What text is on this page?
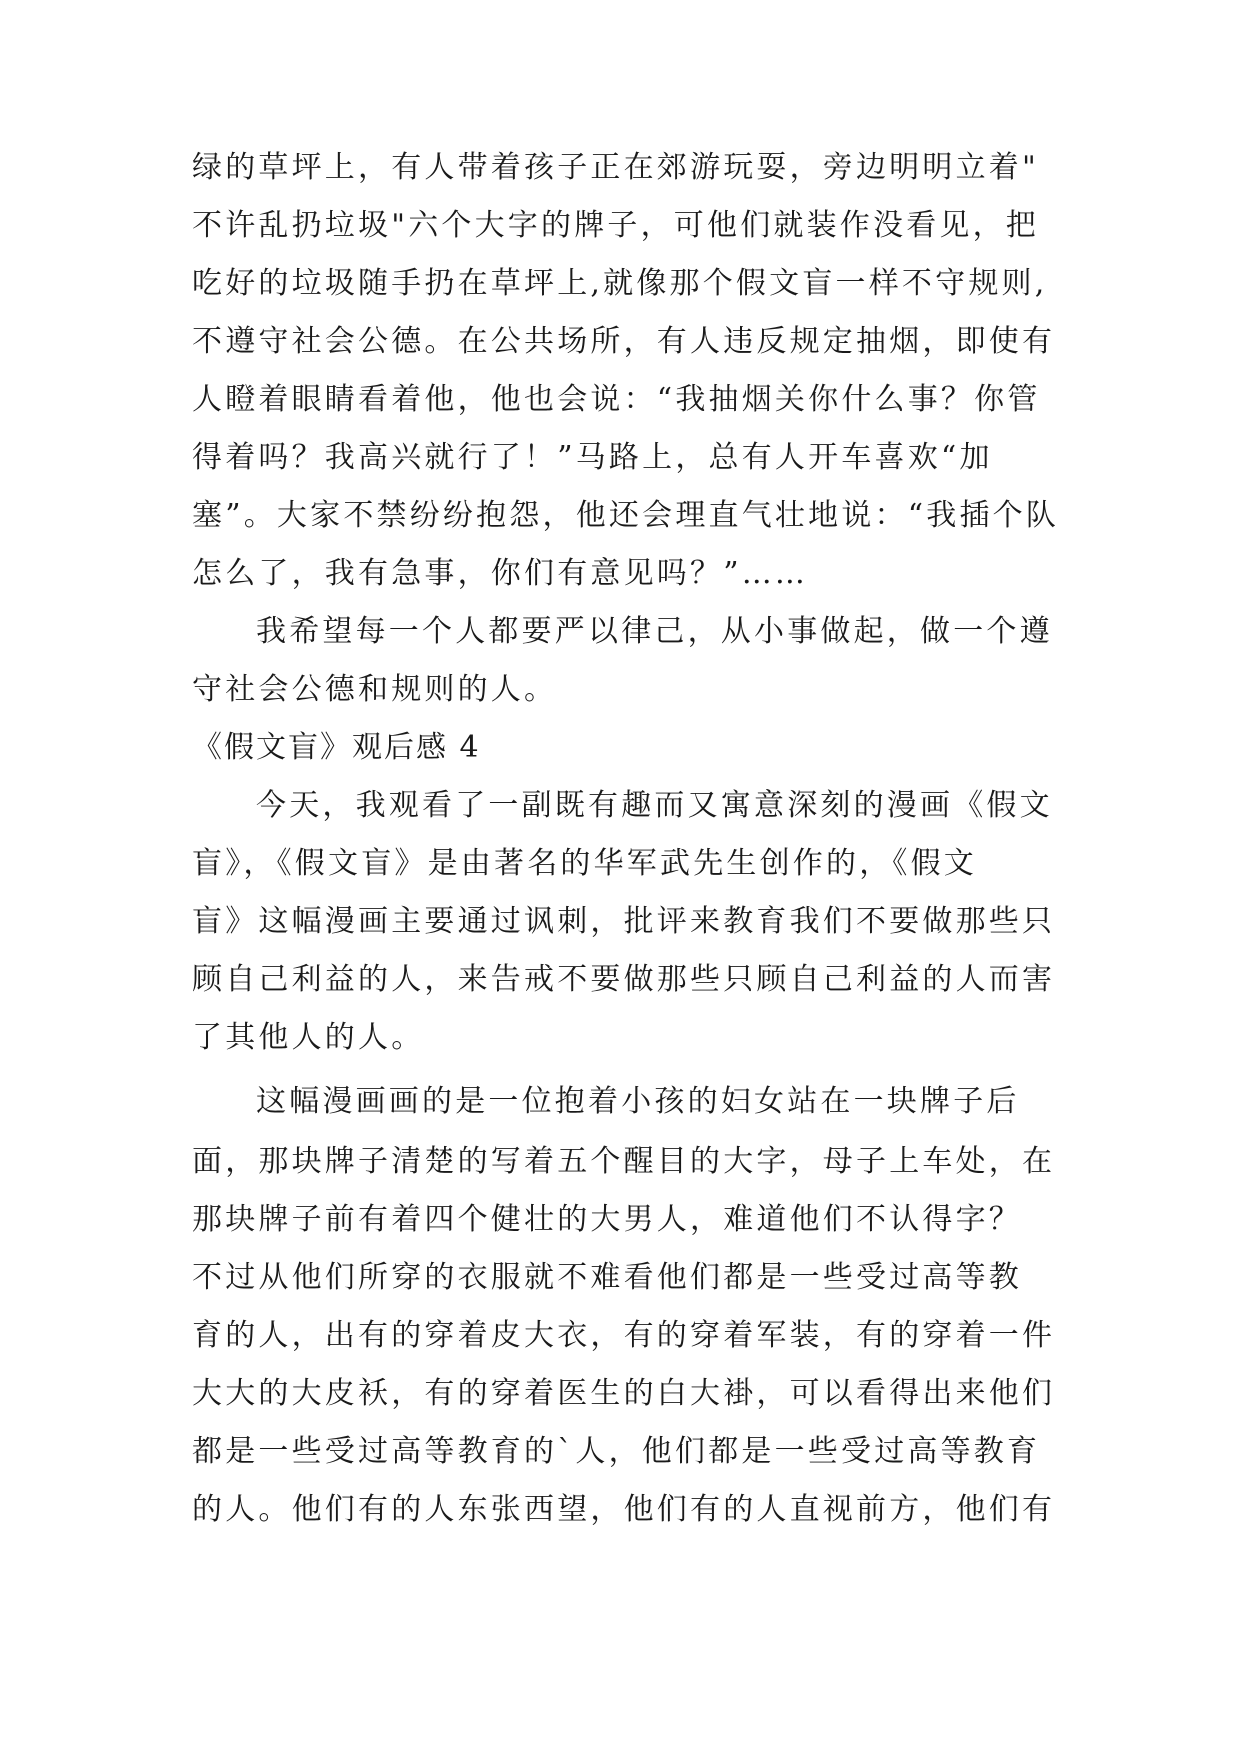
绿的草坪上，有人带着孩子正在郊游玩耍，旁边明明立着"
不许乱扔垃圾"六个大字的牌子，可他们就装作没看见，把
吃好的垃圾随手扔在草坪上,就像那个假文盲一样不守规则,
不遵守社会公德。在公共场所，有人违反规定抽烟，即使有
人瞪着眼睛看着他，他也会说：“我抽烟关你什么事？你管
得着吗？我高兴就行了！”马路上，总有人开车喜欢“加
塞”。大家不禁纷纷抱怨，他还会理直气壮地说：“我插个队
怎么了，我有急事，你们有意见吗？”……
我希望每一个人都要严以律己，从小事做起，做一个遵
守社会公德和规则的人。
《假文盲》观后感 4
今天，我观看了一副既有趣而又寓意深刻的漫画《假文
盲》，《假文盲》是由著名的华军武先生创作的，《假文
盲》这幅漫画主要通过讽刺，批评来教育我们不要做那些只
顾自己利益的人，来告戒不要做那些只顾自己利益的人而害
了其他人的人。
这幅漫画画的是一位抱着小孩的妇女站在一块牌子后
面，那块牌子清楚的写着五个醒目的大字，母子上车处，在
那块牌子前有着四个健壮的大男人，难道他们不认得字？
不过从他们所穿的衣服就不难看他们都是一些受过高等教
育的人，出有的穿着皮大衣，有的穿着军装，有的穿着一件
大大的大皮袄，有的穿着医生的白大褂，可以看得出来他们
都是一些受过高等教育的`人，他们都是一些受过高等教育
的人。他们有的人东张西望，他们有的人直视前方，他们有
